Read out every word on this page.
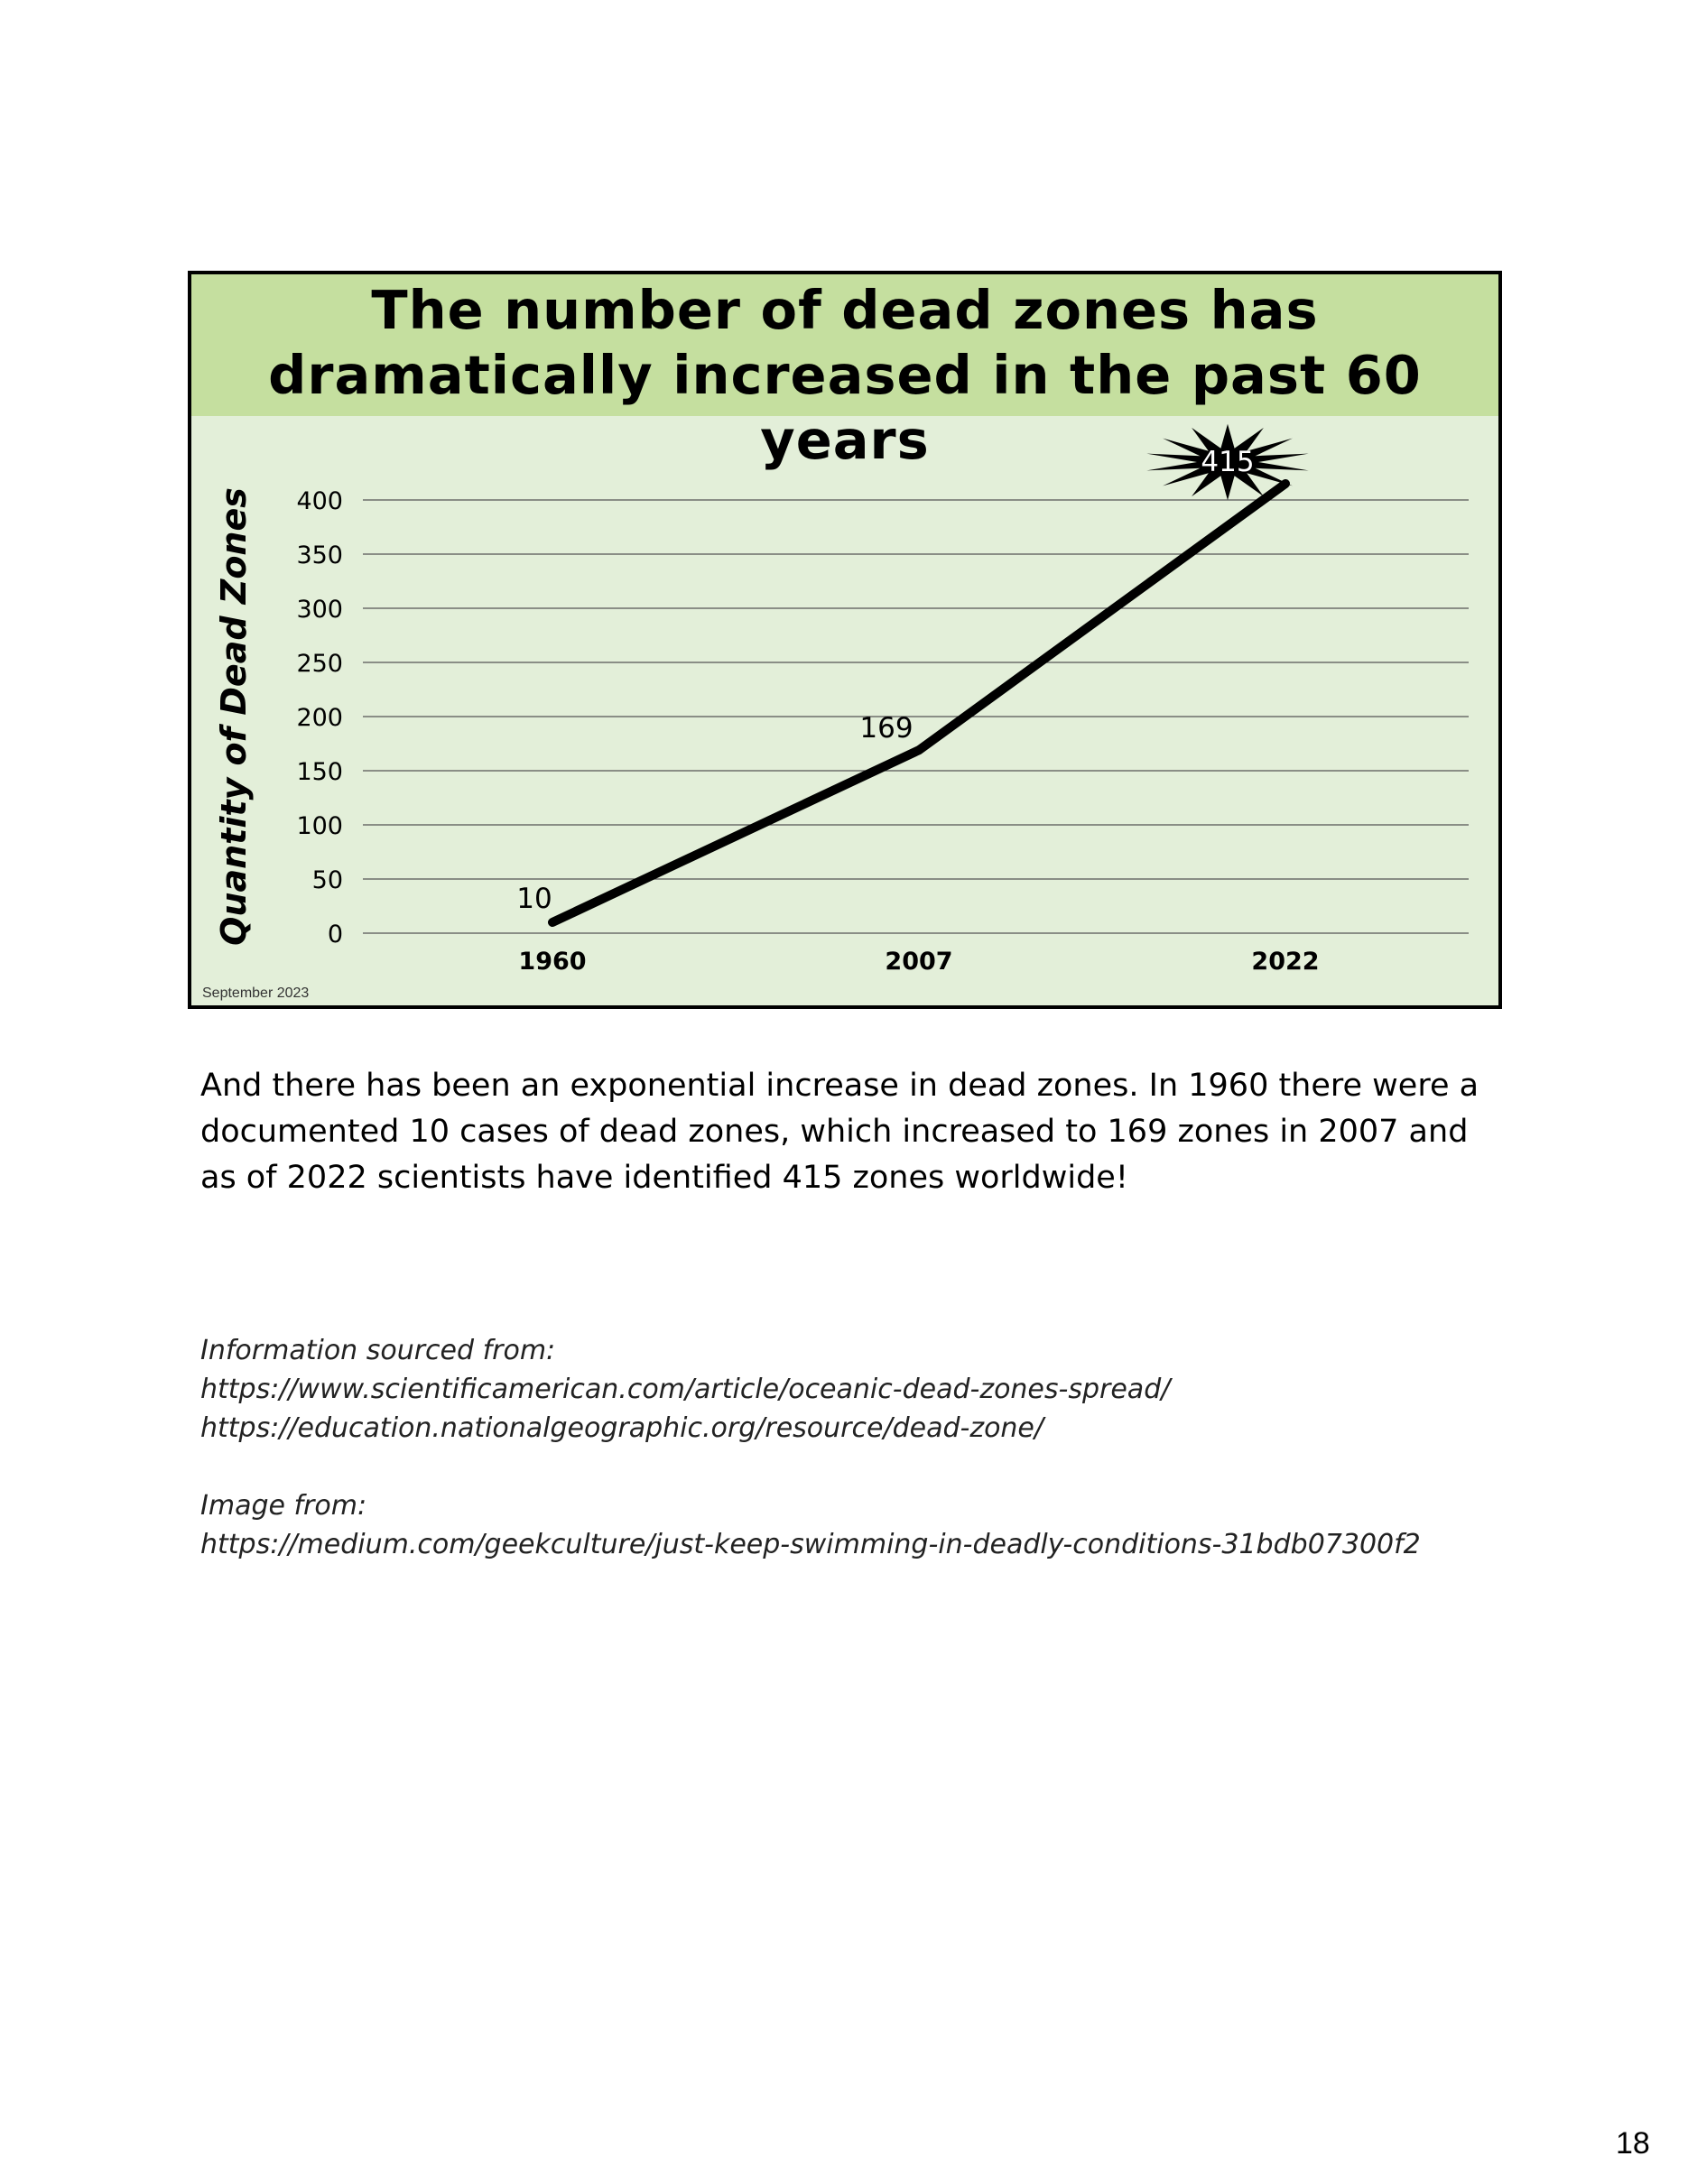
The number of dead zones has dramatically increased in the past 60 years
0
50
100
150
200
250
300
350
400
Quantity of Dead Zones
1960	2007	2022
10
169
415
September 2023

And there has been an exponential increase in dead zones. In 1960 there were a documented 10 cases of dead zones, which increased to 169 zones in 2007 and as of 2022 scientists have identified 415 zones worldwide!

Information sourced from:

https://www.scientificamerican.com/article/oceanic-dead-zones-spread/

https://education.nationalgeographic.org/resource/dead-zone/

Image from:

https://medium.com/geekculture/just-keep-swimming-in-deadly-conditions-31bdb07300f2

18
